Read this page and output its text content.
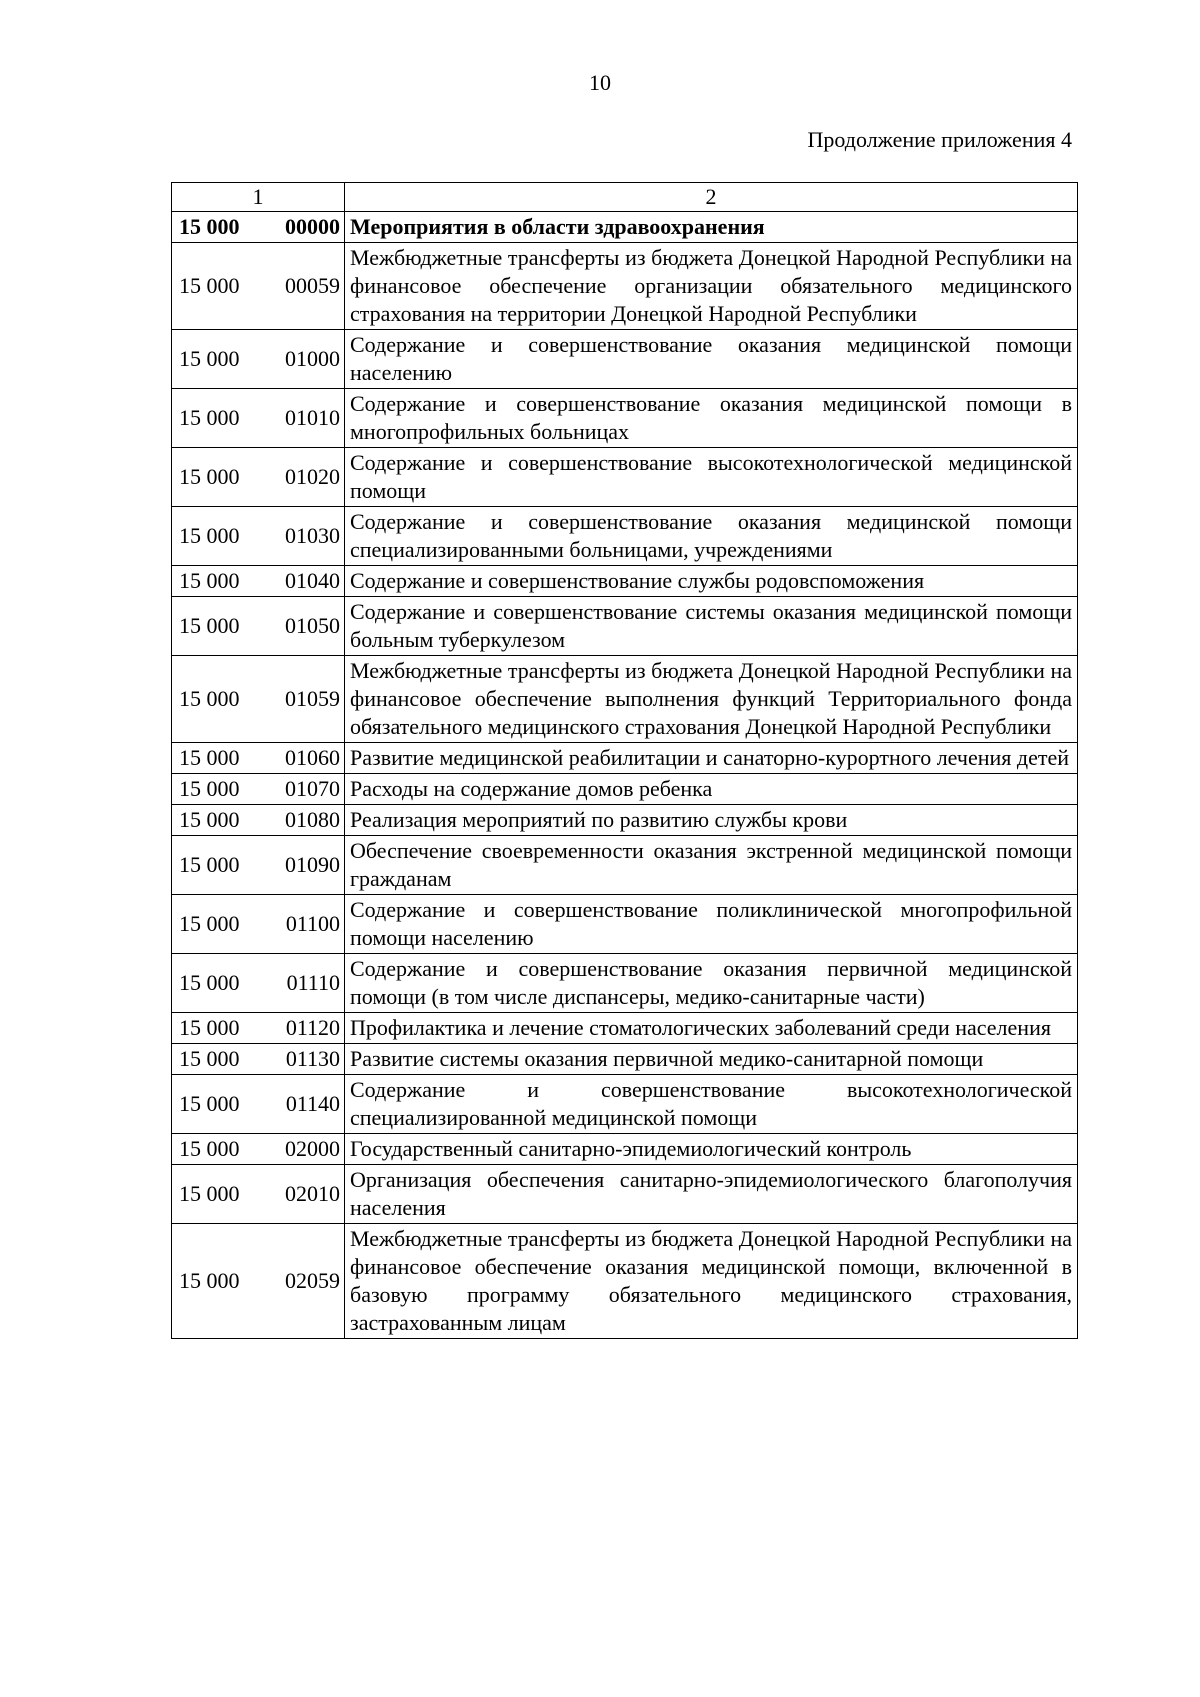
10
Продолжение приложения 4
1	2

15 000 00000	Мероприятия в области здравоохранения

15 000 00059	Межбюджетные трансферты из бюджета Донецкой Народной Республики на финансовое обеспечение организации обязательного медицинского страхования на территории Донецкой Народной Республики

15 000 01000	Содержание и совершенствование оказания медицинской помощи населению

15 000 01010	Содержание и совершенствование оказания медицинской помощи в многопрофильных больницах

15 000 01020	Содержание и совершенствование высокотехнологической медицинской помощи

15 000 01030	Содержание и совершенствование оказания медицинской помощи специализированными больницами, учреждениями

15 000 01040	Содержание и совершенствование службы родовспоможения

15 000 01050	Содержание и совершенствование системы оказания медицинской помощи больным туберкулезом

15 000 01059	Межбюджетные трансферты из бюджета Донецкой Народной Республики на финансовое обеспечение выполнения функций Территориального фонда обязательного медицинского страхования Донецкой Народной Республики

15 000 01060	Развитие медицинской реабилитации и санаторно-курортного лечения детей

15 000 01070	Расходы на содержание домов ребенка

15 000 01080	Реализация мероприятий по развитию службы крови

15 000 01090	Обеспечение своевременности оказания экстренной медицинской помощи гражданам

15 000 01100	Содержание и совершенствование поликлинической многопрофильной помощи населению

15 000 01110	Содержание и совершенствование оказания первичной медицинской помощи (в том числе диспансеры, медико-санитарные части)

15 000 01120	Профилактика и лечение стоматологических заболеваний среди населения

15 000 01130	Развитие системы оказания первичной медико-санитарной помощи

15 000 01140	Содержание и совершенствование высокотехнологической специализированной медицинской помощи

15 000 02000	Государственный санитарно-эпидемиологический контроль

15 000 02010	Организация обеспечения санитарно-эпидемиологического благополучия населения

15 000 02059	Межбюджетные трансферты из бюджета Донецкой Народной Республики на финансовое обеспечение оказания медицинской помощи, включенной в базовую программу обязательного медицинского страхования, застрахованным лицам
